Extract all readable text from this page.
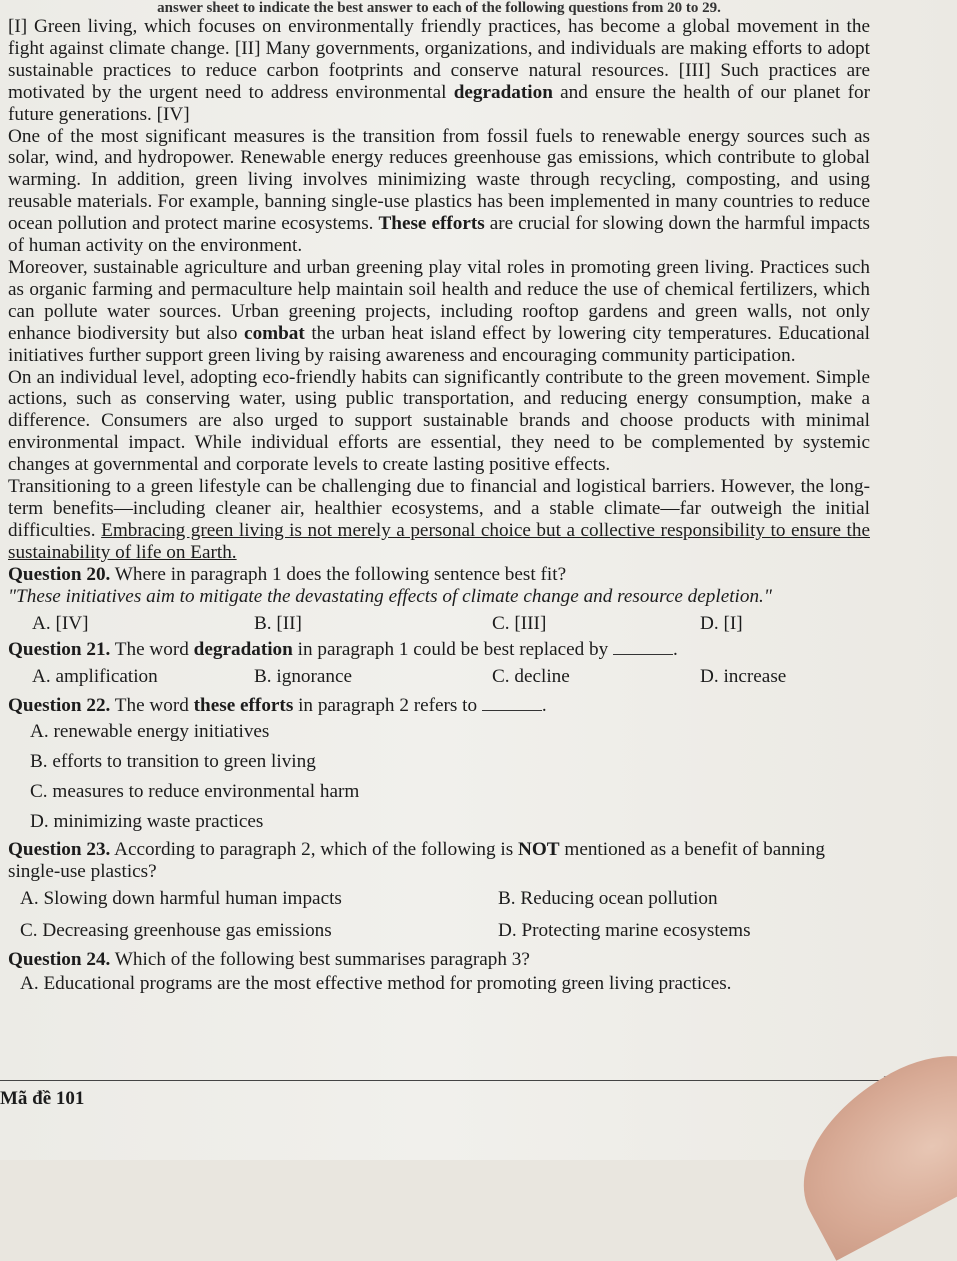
answer sheet to indicate the best answer to each of the following questions from 20 to 29.

[I] Green living, which focuses on environmentally friendly practices, has become a global movement in the fight against climate change. [II] Many governments, organizations, and individuals are making efforts to adopt sustainable practices to reduce carbon footprints and conserve natural resources. [III] Such practices are motivated by the urgent need to address environmental degradation and ensure the health of our planet for future generations. [IV]

One of the most significant measures is the transition from fossil fuels to renewable energy sources such as solar, wind, and hydropower. Renewable energy reduces greenhouse gas emissions, which contribute to global warming. In addition, green living involves minimizing waste through recycling, composting, and using reusable materials. For example, banning single-use plastics has been implemented in many countries to reduce ocean pollution and protect marine ecosystems. These efforts are crucial for slowing down the harmful impacts of human activity on the environment.

Moreover, sustainable agriculture and urban greening play vital roles in promoting green living. Practices such as organic farming and permaculture help maintain soil health and reduce the use of chemical fertilizers, which can pollute water sources. Urban greening projects, including rooftop gardens and green walls, not only enhance biodiversity but also combat the urban heat island effect by lowering city temperatures. Educational initiatives further support green living by raising awareness and encouraging community participation.

On an individual level, adopting eco-friendly habits can significantly contribute to the green movement. Simple actions, such as conserving water, using public transportation, and reducing energy consumption, make a difference. Consumers are also urged to support sustainable brands and choose products with minimal environmental impact. While individual efforts are essential, they need to be complemented by systemic changes at governmental and corporate levels to create lasting positive effects.

Transitioning to a green lifestyle can be challenging due to financial and logistical barriers. However, the long-term benefits—including cleaner air, healthier ecosystems, and a stable climate—far outweigh the initial difficulties. Embracing green living is not merely a personal choice but a collective responsibility to ensure the sustainability of life on Earth.

Question 20. Where in paragraph 1 does the following sentence best fit?
"These initiatives aim to mitigate the devastating effects of climate change and resource depletion."
A. [IV]	B. [II]	C. [III]	D. [I]
Question 21. The word degradation in paragraph 1 could be best replaced by	.
A. amplification	B. ignorance	C. decline	D. increase
Question 22. The word these efforts in paragraph 2 refers to	.
A. renewable energy initiatives
B. efforts to transition to green living
C. measures to reduce environmental harm
D. minimizing waste practices
Question 23. According to paragraph 2, which of the following is NOT mentioned as a benefit of banning single-use plastics?
A. Slowing down harmful human impacts	B. Reducing ocean pollution
C. Decreasing greenhouse gas emissions	D. Protecting marine ecosystems
Question 24. Which of the following best summarises paragraph 3?
A. Educational programs are the most effective method for promoting green living practices.
Mã đề 101
